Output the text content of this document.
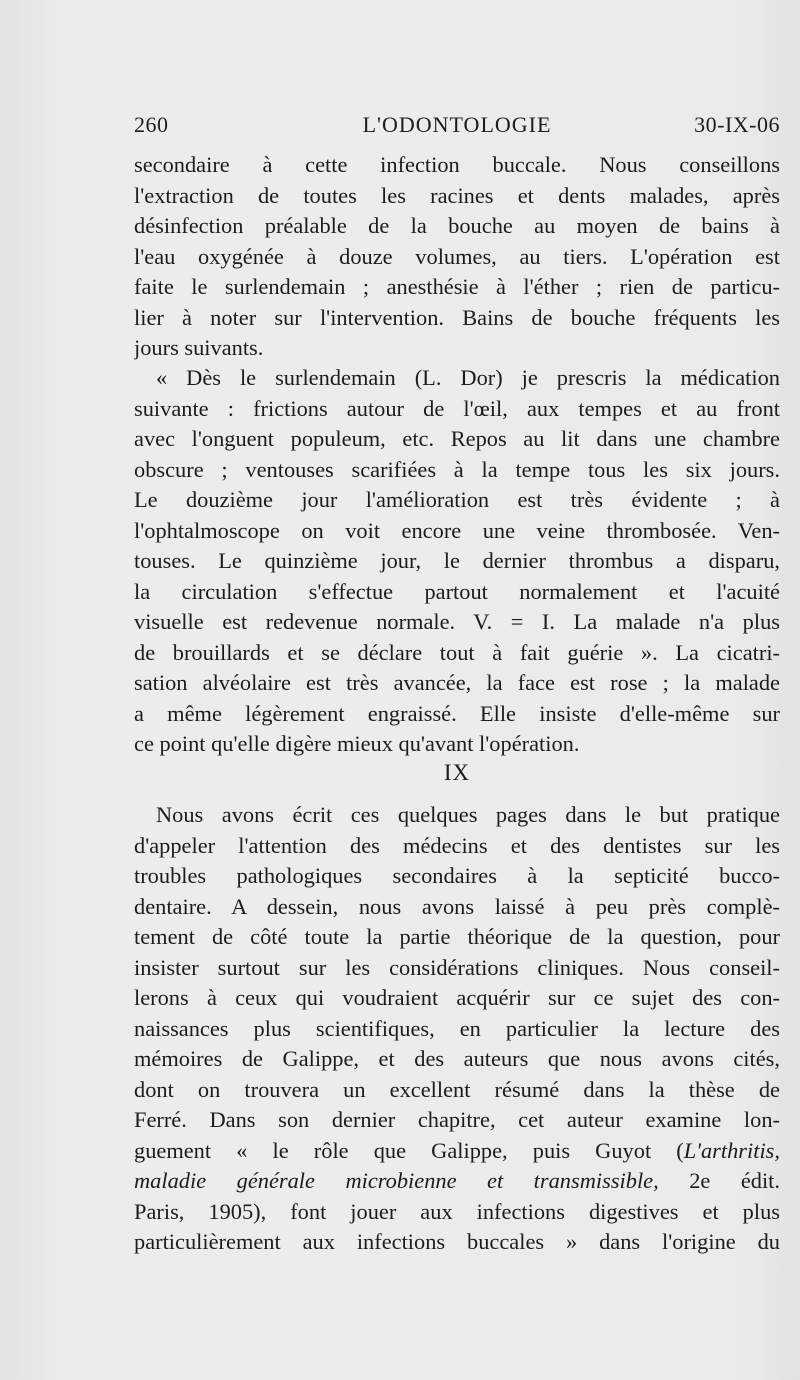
260	L'ODONTOLOGIE	30-IX-06
secondaire à cette infection buccale. Nous conseillons
l'extraction de toutes les racines et dents malades, après
désinfection préalable de la bouche au moyen de bains à
l'eau oxygénée à douze volumes, au tiers. L'opération est
faite le surlendemain ; anesthésie à l'éther ; rien de particu-
lier à noter sur l'intervention. Bains de bouche fréquents les
jours suivants.
« Dès le surlendemain (L. Dor) je prescris la médication
suivante : frictions autour de l'œil, aux tempes et au front
avec l'onguent populeum, etc. Repos au lit dans une chambre
obscure ; ventouses scarifiées à la tempe tous les six jours.
Le douzième jour l'amélioration est très évidente ; à
l'ophtalmoscope on voit encore une veine thrombosée. Ven-
touses. Le quinzième jour, le dernier thrombus a disparu,
la circulation s'effectue partout normalement et l'acuité
visuelle est redevenue normale. V. = I. La malade n'a plus
de brouillards et se déclare tout à fait guérie ». La cicatri-
sation alvéolaire est très avancée, la face est rose ; la malade
a même légèrement engraissé. Elle insiste d'elle-même sur
ce point qu'elle digère mieux qu'avant l'opération.
IX
Nous avons écrit ces quelques pages dans le but pratique
d'appeler l'attention des médecins et des dentistes sur les
troubles pathologiques secondaires à la septicité bucco-
dentaire. A dessein, nous avons laissé à peu près complè-
tement de côté toute la partie théorique de la question, pour
insister surtout sur les considérations cliniques. Nous conseil-
lerons à ceux qui voudraient acquérir sur ce sujet des con-
naissances plus scientifiques, en particulier la lecture des
mémoires de Galippe, et des auteurs que nous avons cités,
dont on trouvera un excellent résumé dans la thèse de
Ferré. Dans son dernier chapitre, cet auteur examine lon-
guement « le rôle que Galippe, puis Guyot (L'arthritis,
maladie générale microbienne et transmissible, 2e édit.
Paris, 1905), font jouer aux infections digestives et plus
particulièrement aux infections buccales » dans l'origine du
